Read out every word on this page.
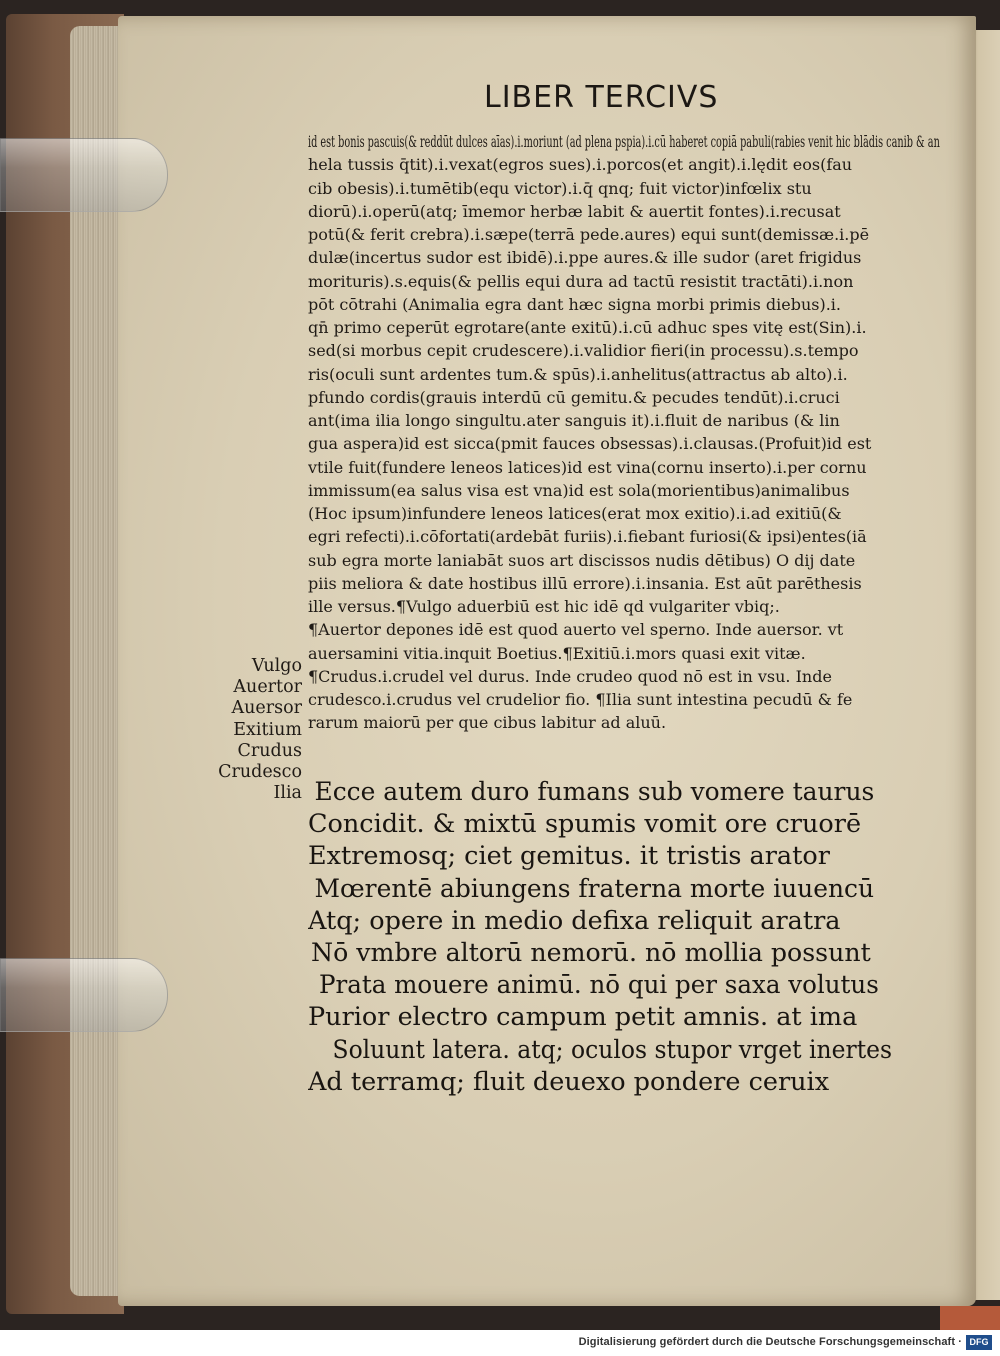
LIBER TERCIVS
id est bonis pascuis(& reddūt dulces aīas).i.moriunt (ad plena pspia).i.cū haberet copiā pabuli(rabies venit hic blādis canib & an
hela tussis q̄tit).i.vexat(egros sues).i.porcos(et angit).i.lędit eos(fau
cib obesis).i.tumētib(equ victor).i.q̄ qnq; fuit victor)infœlix stu
diorū).i.operū(atq; īmemor herbæ labit & auertit fontes).i.recusat
potū(& ferit crebra).i.sæpe(terrā pede.aures) equi sunt(demissæ.i.pē
dulæ(incertus sudor est ibidē).i.ppe aures.& ille sudor (aret frigidus
morituris).s.equis(& pellis equi dura ad tactū resistit tractāti).i.non
pōt cōtrahi (Animalia egra dant hæc signa morbi primis diebus).i.
qn̄ primo ceperūt egrotare(ante exitū).i.cū adhuc spes vitę est(Sin).i.
sed(si morbus cepit crudescere).i.validior fieri(in processu).s.tempo
ris(oculi sunt ardentes tum.& spūs).i.anhelitus(attractus ab alto).i.
pfundo cordis(grauis interdū cū gemitu.& pecudes tendūt).i.cruci
ant(ima ilia longo singultu.ater sanguis it).i.fluit de naribus (& lin
gua aspera)id est sicca(pmit fauces obsessas).i.clausas.(Profuit)id est
vtile fuit(fundere leneos latices)id est vina(cornu inserto).i.per cornu
immissum(ea salus visa est vna)id est sola(morientibus)animalibus
(Hoc ipsum)infundere leneos latices(erat mox exitio).i.ad exitiū(&
egri refecti).i.cōfortati(ardebāt furiis).i.fiebant furiosi(& ipsi)entes(iā
sub egra morte laniabāt suos art discissos nudis dētibus) O dij date
piis meliora & date hostibus illū errore).i.insania. Est aūt parēthesis
ille versus.¶Vulgo aduerbiū est hic idē qd vulgariter vbiq;.
¶Auertor depones idē est quod auerto vel sperno. Inde auersor. vt
auersamini vitia.inquit Boetius.¶Exitiū.i.mors quasi exit vitæ.
¶Crudus.i.crudel vel durus. Inde crudeo quod nō est in vsu. Inde
crudesco.i.crudus vel crudelior fio. ¶Ilia sunt intestina pecudū & fe
rarum maiorū per que cibus labitur ad aluū.
Vulgo
Auertor
Auersor
Exitium
Crudus
Crudesco
Ilia Ecce autem duro fumans sub vomere taurus
Concidit. & mixtū spumis vomit ore cruorē
Extremosq; ciet gemitus. it tristis arator
Mœrentē abiungens fraterna morte iuuencū
Atq; opere in medio defixa reliquit aratra
Nō vmbre altorū nemorū. nō mollia possunt
Prata mouere animū. nō qui per saxa volutus
Purior electro campum petit amnis. at ima
Soluunt latera. atq; oculos stupor vrget inertes
Ad terramq; fluit deuexo pondere ceruix
Digitalisierung gefördert durch die Deutsche Forschungsgemeinschaft · DFG
